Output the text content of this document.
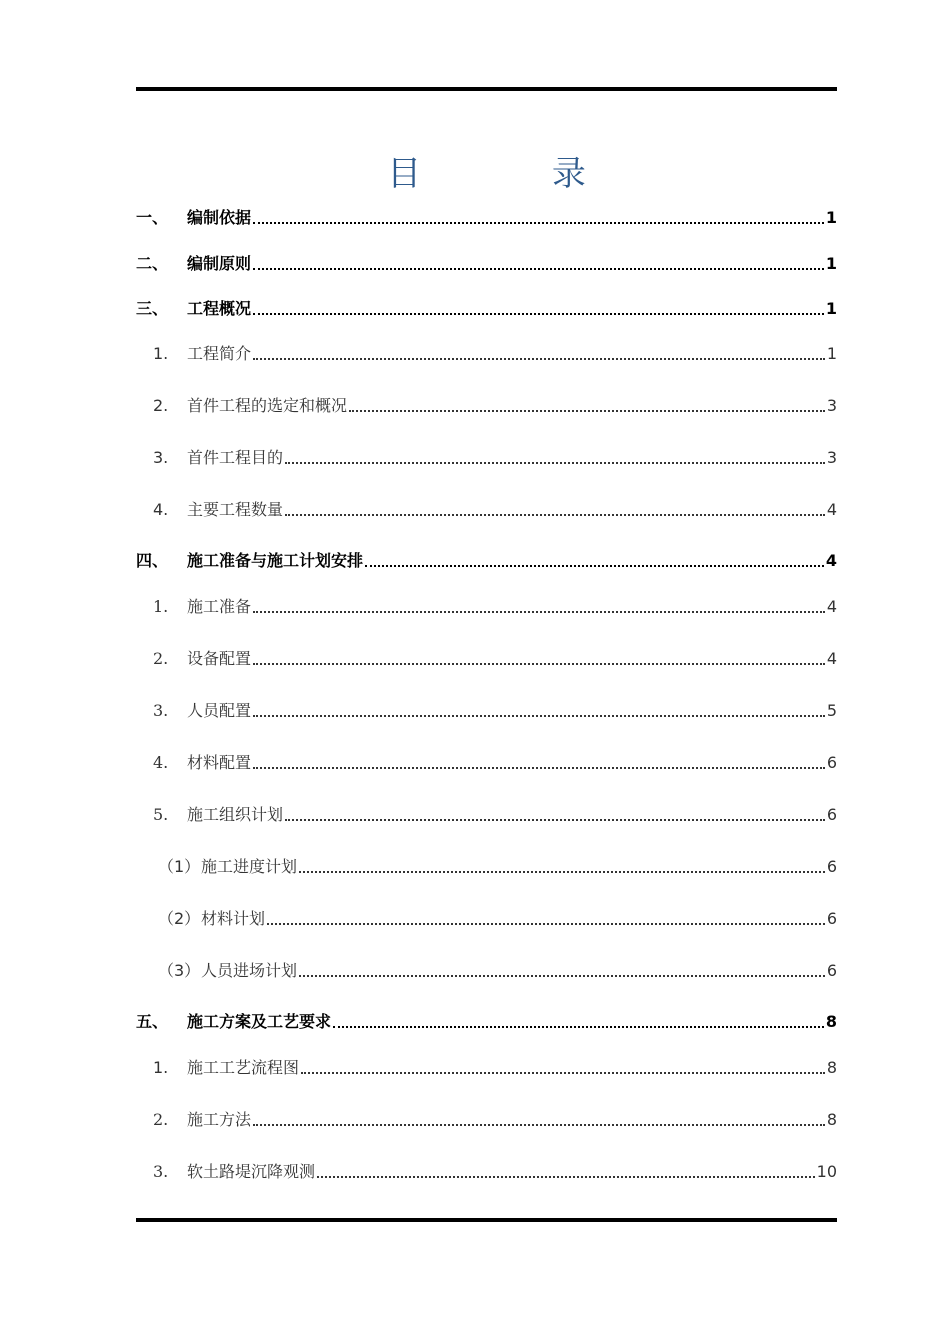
目 录
一、	编制依据	1
二、	编制原则	1
三、	工程概况	1
1.	工程简介	1
2.	首件工程的选定和概况	3
3.	首件工程目的	3
4.	主要工程数量	4
四、	施工准备与施工计划安排	4
1.	施工准备	4
2.	设备配置	4
3.	人员配置	5
4.	材料配置	6
5.	施工组织计划	6
（1） 施工进度计划	6
（2） 材料计划	6
（3） 人员进场计划	6
五、	施工方案及工艺要求	8
1.	施工工艺流程图	8
2.	施工方法	8
3.	软土路堤沉降观测	10
